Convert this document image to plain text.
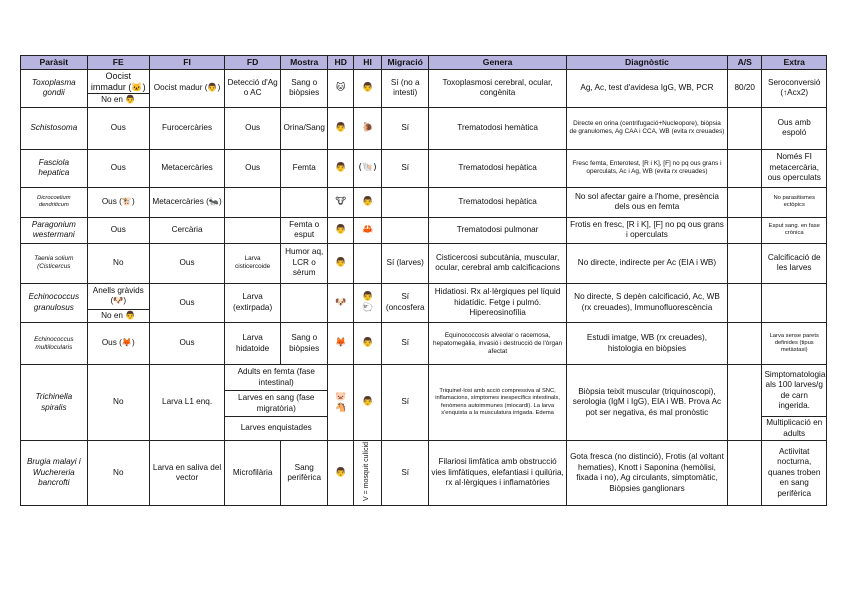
Paràsit	FE	FI	FD	Mostra	HD	HI	Migració	Genera	Diagnòstic	A/S	Extra
Toxoplasma gondii	Oocist immadur (🐱)	Oocist madur (👨)	Detecció d'Ag o AC	Sang o biòpsies	🐱	👨	Sí (no a intesti)	Toxoplasmosi cerebral, ocular, congènita	Ag, Ac, test d'avidesa IgG, WB, PCR	80/20	Seroconversió (↑Acx2)
	No en 👨										
Schistosoma	Ous	Furocercàries	Ous	Orina/Sang	👨	🐌	Sí	Trematodosi hemàtica	Directe en orina (centrifugació+Nucleopore), biòpsia de granulomes, Ag CAA i CCA, WB (evita rx creuades)		Ous amb espoló
Fasciola hepatica	Ous	Metacercàries	Ous	Femta	👨	(🐚)	Sí	Trematodosi hepàtica	Fresc femta, Enterotest, [R i K], [F] no pq ous grans i operculats, Ac i Ag, WB (evita rx creuades)		Només FI metacercària, ous operculats
Dicrocoelium dendriticum	Ous (🐮)	Metacercàries (🐜)			🐮	👨		Trematodosi hepàtica	No sol afectar gaire a l'home, presència dels ous en femta		No parasitismes ectòpics
Paragonium westermani	Ous	Cercària		Femta o esput	👨	🦀		Trematodosi pulmonar	Frotis en fresc, [R i K], [F] no pq ous grans i operculats		Esput sang. en fase crònica
Taenia solium (Cisticercus	No	Ous	Larva cisticercoide	Humor aq, LCR o sèrum	👨		Sí (larves)	Cisticercosi subcutània, muscular, ocular, cerebral amb calcificacions	No directe, indirecte per Ac (EIA i WB)		Calcificació de les larves
Echinococcus granulosus	Anells gràvids (🐶)	Ous	Larva (extirpada)		🐶	👨 🐑	Sí (oncosfera	Hidatiosi. Rx al·lèrgiques pel líquid hidatídic. Fetge i pulmó. Hipereosinofília	No directe, S depèn calcificació, Ac, WB (rx creuades), Immunofluorescència		
	No en 👨										
Echinococcus multilocularis	Ous (🦊)	Ous	Larva hidatoide	Sang o biòpsies	🦊	👨	Sí	Equinococcosis alveolar o racemosa, hepatomegàlia, invasió i destrucció de l'òrgan afectat	Estudi imatge, WB (rx creuades), histologia en biòpsies		Larva sense parets definides (tipus metàstasi)
Trichinella spiralis	No	Larva L1 enq.	Adults en femta (fase intestinal)		🐷🐴	👨	Sí	Triquinel·losi amb acció compressiva al SNC, inflamacions, símptomes inespecífics intestinals, fenòmens autoimmunes (miocardi). La larva s'enquista a la musculatura irrigada. Edema	Biòpsia teixit muscular (triquinoscopi), serologia (IgM i IgG), EIA i WB. Prova Ac pot ser negativa, és mal pronòstic		Simptomatologia als 100 larves/g de carn ingerida.
			Larves en sang (fase migratòria)								
			Larves enquistades								Multiplicació en adults
Brugia malayi i Wuchereria bancrofti	No	Larva en saliva del vector	Microfilària	Sang perifèrica	👨	V = mosquit culícid	Sí	Filariosi limfàtica amb obstrucció vies limfàtiques, elefantiasi i quilúria, rx al·lèrgiques i inflamatòries	Gota fresca (no distinció), Frotis (al voltant hematies), Knott i Saponina (hemòlisi, fixada i no), Ag circulants, simptomàtic, Biòpsies ganglionars		Actiivitat nocturna, quanes troben en sang perifèrica
